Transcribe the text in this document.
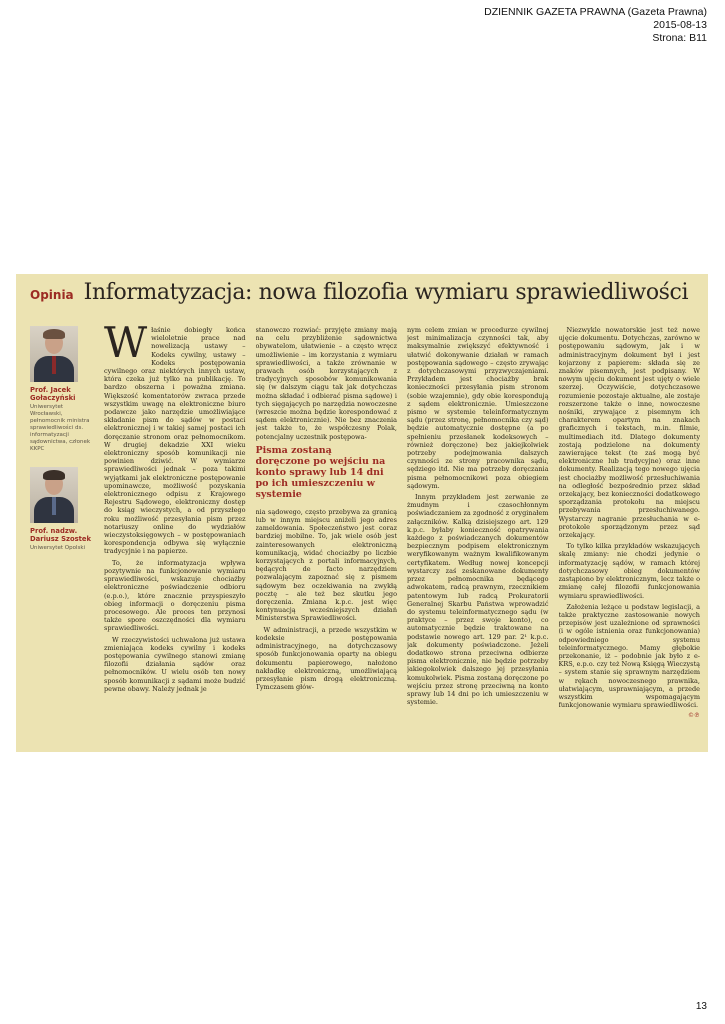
DZIENNIK GAZETA PRAWNA (Gazeta Prawna)
2015-08-13
Strona: B11
Opinia Informatyzacja: nowa filozofia wymiaru sprawiedliwości
Prof. Jacek Gołaczyński
Uniwersytet Wrocławski, pełnomocnik ministra sprawiedliwości ds. informatyzacji sądownictwa, członek KKPC
Prof. nadzw. Dariusz Szostek
Uniwersytet Opolski
W łaśnie dobiegły końca wieloletnie prace nad nowelizacją ustawy – Kodeks cywilny, ustawy – Kodeks postępowania cywilnego oraz niektórych innych ustaw, która czeka już tylko na publikację. To bardzo obszerna i poważna zmiana. Większość komentatorów zwraca przede wszystkim uwagę na elektroniczne biuro podawcze jako narzędzie umożliwiające składanie pism do sądów w postaci elektronicznej i w takiej samej postaci ich doręczanie stronom oraz pełnomocnikom. W drugiej dekadzie XXI wieku elektroniczny sposób komunikacji nie powinien dziwić. W wymiarze sprawiedliwości jednak – poza takimi wyjątkami jak elektroniczne postępowanie upominawcze, możliwość pozyskania elektronicznego odpisu z Krajowego Rejestru Sądowego, elektroniczny dostęp do ksiąg wieczystych, a od przyszłego roku możliwość przesyłania pism przez notariuszy online do wydziałów wieczystoksięgowych – w postępowaniach korespondencja odbywa się wyłącznie tradycyjnie i na papierze.

To, że informatyzacja wpływa pozytywnie na funkcjonowanie wymiaru sprawiedliwości, wskazuje chociażby elektroniczne poświadczenie odbioru (e.p.o.), które znacznie przyspieszyło obieg informacji o doręczeniu pisma procesowego. Ale proces ten przynosi także spore oszczędności dla wymiaru sprawiedliwości.

W rzeczywistości uchwalona już ustawa zmieniająca kodeks cywilny i kodeks postępowania cywilnego stanowi zmianę filozofii działania sądów oraz pełnomocników. U wielu osób ten nowy sposób komunikacji z sądami może budzić pewne obawy. Należy jednak je

stanowczo rozwiać: przyjęte zmiany mają na celu przybliżenie sądownictwa obywatelom, ułatwienie – a często wręcz umożliwienie – im korzystania z wymiaru sprawiedliwości, a także zrównanie w prawach osób korzystających z tradycyjnych sposobów komunikowania się (w dalszym ciągu tak jak dotychczas można składać i odbierać pisma sądowe) i tych sięgających po narzędzia nowoczesne (wreszcie można będzie korespondować z sądem elektronicznie). Nie bez znaczenia jest także to, że współczesny Polak, potencjalny uczestnik postępowa-

Pisma zostaną doręczone po wejściu na konto sprawy lub 14 dni po ich umieszczeniu w systemie

nia sądowego, często przebywa za granicą lub w innym miejscu aniżeli jego adres zameldowania. Społeczeństwo jest coraz bardziej mobilne. To, jak wiele osób jest zainteresowanych elektroniczną komunikacją, widać chociażby po liczbie korzystających z portali informacyjnych, będących de facto narzędziem pozwalającym zapoznać się z pismem sądowym bez oczekiwania na zwykłą pocztę – ale też bez skutku jego doręczenia. Zmiana k.p.c. jest więc kontynuacją wcześniejszych działań Ministerstwa Sprawiedliwości.

W administracji, a przede wszystkim w kodeksie postępowania administracyjnego, na dotychczasowy sposób funkcjonowania oparty na obiegu dokumentu papierowego, nałożono nakładkę elektroniczną, umożliwiającą przesyłanie pism drogą elektroniczną. Tymczasem głów-

nym celem zmian w procedurze cywilnej jest minimalizacja czynności tak, aby maksymalnie zwiększyć efektywność i ułatwić dokonywanie działań w ramach postępowania sądowego – często zrywając z dotychczasowymi przyzwyczajeniami. Przykładem jest chociażby brak konieczności przesyłania pism stronom (sobie wzajemnie), gdy obie korespondują z sądem elektronicznie. Umieszczone pismo w systemie teleinformatycznym sądu (przez stronę, pełnomocnika czy sąd) będzie automatycznie dostępne (a po spełnieniu przesłanek kodeksowych – również doręczone) bez jakiejkolwiek potrzeby podejmowania dalszych czynności ze strony pracownika sądu, sędziego itd. Nie ma potrzeby doręczania pisma pełnomocnikowi poza obiegiem sądowym.

Innym przykładem jest zerwanie ze żmudnym i czasochłonnym poświadczaniem za zgodność z oryginałem załączników. Kalką dzisiejszego art. 129 k.p.c. byłaby konieczność opatrywania każdego z poświadczanych dokumentów bezpiecznym podpisem elektronicznym weryfikowanym ważnym kwalifikowanym certyfikatem. Według nowej koncepcji wystarczy zaś zeskanowane dokumenty przez pełnomocnika będącego adwokatem, radcą prawnym, rzecznikiem patentowym lub radcą Prokuratorii Generalnej Skarbu Państwa wprowadzić do systemu teleinformatycznego sądu (w praktyce – przez swoje konto), co automatycznie będzie traktowane na podstawie nowego art. 129 par. 2¹ k.p.c. jak dokumenty poświadczone. Jeżeli dodatkowo strona przeciwna odbierze pisma elektronicznie, nie będzie potrzeby jakiegokolwiek dalszego jej przesyłania komukolwiek. Pisma zostaną doręczone po wejściu przez stronę przeciwną na konto sprawy lub 14 dni po ich umieszczeniu w systemie.

Niezwykle nowatorskie jest też nowe ujęcie dokumentu. Dotychczas, zarówno w postępowaniu sądowym, jak i w administracyjnym dokument był i jest kojarzony z papierem: składa się ze znaków pisemnych, jest podpisany. W nowym ujęciu dokument jest ujęty o wiele szerzej. Oczywiście, dotychczasowe rozumienie pozostaje aktualne, ale zostaje rozszerzone także o inne, nowoczesne nośniki, zrywające z pisemnym ich charakterem opartym na znakach graficznych i tekstach, m.in. filmie, multimediach itd. Dlatego dokumenty zostają podzielone na dokumenty zawierające tekst (te zaś mogą być elektroniczne lub tradycyjne) oraz inne dokumenty. Realizacją tego nowego ujęcia jest chociażby możliwość przesłuchiwania na odległość bezpośrednio przez skład orzekający, bez konieczności dodatkowego sporządzania protokołu na miejscu przebywania przesłuchiwanego. Wystarczy nagranie przesłuchania w e-protokole sporządzonym przez sąd orzekający.

To tylko kilka przykładów wskazujących skalę zmiany: nie chodzi jedynie o informatyzację sądów, w ramach której dotychczasowy obieg dokumentów zastąpiono by elektronicznym, lecz także o zmianę całej filozofii funkcjonowania wymiaru sprawiedliwości.

Założenia leżące u podstaw legislacji, a także praktyczne zastosowanie nowych przepisów jest uzależnione od sprawności (i w ogóle istnienia oraz funkcjonowania) odpowiedniego systemu teleinformatycznego. Mamy głębokie przekonanie, iż – podobnie jak było z e-KRS, e.p.o. czy też Nową Księgą Wieczystą – system stanie się sprawnym narzędziem w rękach nowoczesnego prawnika, ułatwiającym, usprawniającym, a przede wszystkim wspomagającym funkcjonowanie wymiaru sprawiedliwości.

©℗
13
